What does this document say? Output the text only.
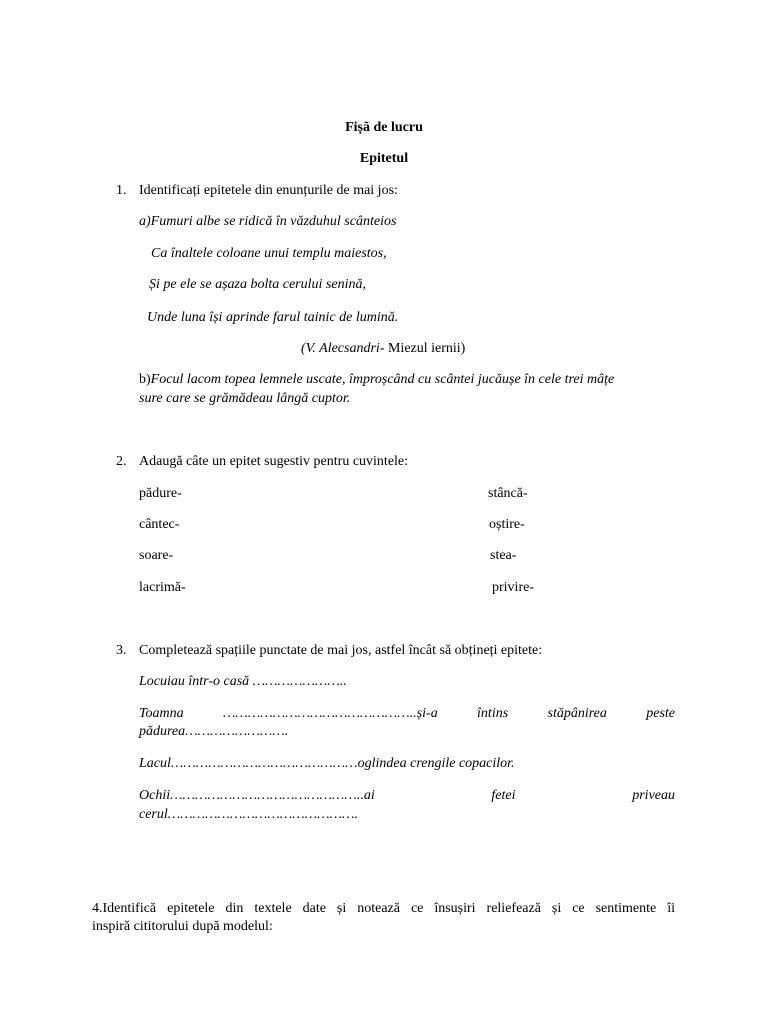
Fișă de lucru
Epitetul
1. Identificați epitetele din enunțurile de mai jos:
a)Fumuri albe se ridică în văzduhul scânteios
Ca înaltele coloane unui templu maiestos,
Și pe ele se așaza bolta cerului senină,
Unde luna își aprinde farul tainic de lumină.
(V. Alecsandri- Miezul iernii)
b)Focul lacom topea lemnele uscate, împroșcând cu scântei jucăușe în cele trei mâțe
sure care se grămădeau lângă cuptor.
2. Adaugă câte un epitet sugestiv pentru cuvintele:
pădure-	stâncă-
cântec-	oștire-
soare-	stea-
lacrimă-	privire-
3. Completează spațiile punctate de mai jos, astfel încât să obțineți epitete:
Locuiau într-o casă …………………..
Toamna	………………………………………..și-a	întins	stăpânirea	peste
pădurea…………………….
Lacul………………………………………oglindea crengile copacilor.
Ochii………………………………………..ai	fetei	priveau
cerul……………………………………….
4.Identifică epitetele din textele date și notează ce însușiri reliefează și ce sentimente îi
inspiră cititorului după modelul:
